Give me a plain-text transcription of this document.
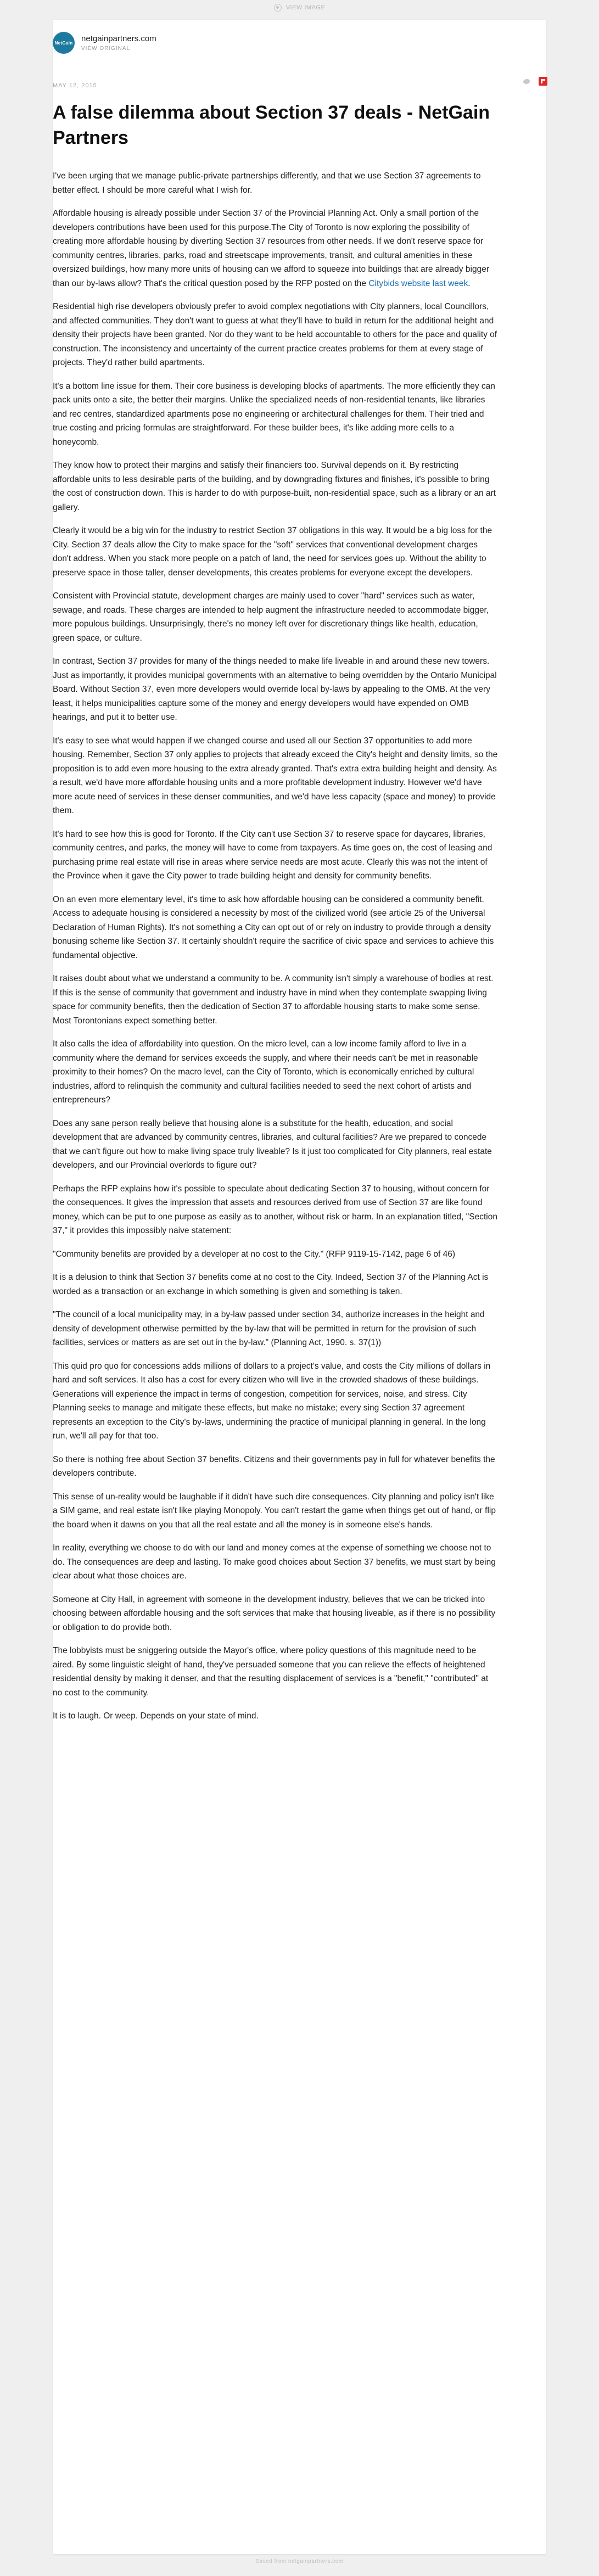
VIEW IMAGE
NetGain netgainpartners.com
VIEW ORIGINAL
MAY 12, 2015
A false dilemma about Section 37 deals - NetGain Partners

I've been urging that we manage public-private partnerships differently, and that we use Section 37 agreements to better effect. I should be more careful what I wish for.

Affordable housing is already possible under Section 37 of the Provincial Planning Act. Only a small portion of the developers contributions have been used for this purpose.The City of Toronto is now exploring the possibility of creating more affordable housing by diverting Section 37 resources from other needs. If we don't reserve space for community centres, libraries, parks, road and streetscape improvements, transit, and cultural amenities in these oversized buildings, how many more units of housing can we afford to squeeze into buildings that are already bigger than our by-laws allow? That's the critical question posed by the RFP posted on the Citybids website last week.

Residential high rise developers obviously prefer to avoid complex negotiations with City planners, local Councillors, and affected communities. They don't want to guess at what they'll have to build in return for the additional height and density their projects have been granted. Nor do they want to be held accountable to others for the pace and quality of construction. The inconsistency and uncertainty of the current practice creates problems for them at every stage of projects. They'd rather build apartments.

It's a bottom line issue for them. Their core business is developing blocks of apartments. The more efficiently they can pack units onto a site, the better their margins. Unlike the specialized needs of non-residential tenants, like libraries and rec centres, standardized apartments pose no engineering or architectural challenges for them. Their tried and true costing and pricing formulas are straightforward. For these builder bees, it's like adding more cells to a honeycomb.

They know how to protect their margins and satisfy their financiers too. Survival depends on it. By restricting affordable units to less desirable parts of the building, and by downgrading fixtures and finishes, it's possible to bring the cost of construction down. This is harder to do with purpose-built, non-residential space, such as a library or an art gallery.

Clearly it would be a big win for the industry to restrict Section 37 obligations in this way. It would be a big loss for the City. Section 37 deals allow the City to make space for the "soft" services that conventional development charges don't address. When you stack more people on a patch of land, the need for services goes up. Without the ability to preserve space in those taller, denser developments, this creates problems for everyone except the developers.

Consistent with Provincial statute, development charges are mainly used to cover "hard" services such as water, sewage, and roads. These charges are intended to help augment the infrastructure needed to accommodate bigger, more populous buildings. Unsurprisingly, there's no money left over for discretionary things like health, education, green space, or culture.

In contrast, Section 37 provides for many of the things needed to make life liveable in and around these new towers. Just as importantly, it provides municipal governments with an alternative to being overridden by the Ontario Municipal Board. Without Section 37, even more developers would override local by-laws by appealing to the OMB. At the very least, it helps municipalities capture some of the money and energy developers would have expended on OMB hearings, and put it to better use.

It's easy to see what would happen if we changed course and used all our Section 37 opportunities to add more housing. Remember, Section 37 only applies to projects that already exceed the City's height and density limits, so the proposition is to add even more housing to the extra already granted. That's extra extra building height and density. As a result, we'd have more affordable housing units and a more profitable development industry. However we'd have more acute need of services in these denser communities, and we'd have less capacity (space and money) to provide them.

It's hard to see how this is good for Toronto. If the City can't use Section 37 to reserve space for daycares, libraries, community centres, and parks, the money will have to come from taxpayers. As time goes on, the cost of leasing and purchasing prime real estate will rise in areas where service needs are most acute. Clearly this was not the intent of the Province when it gave the City power to trade building height and density for community benefits.

On an even more elementary level, it's time to ask how affordable housing can be considered a community benefit. Access to adequate housing is considered a necessity by most of the civilized world (see article 25 of the Universal Declaration of Human Rights). It's not something a City can opt out of or rely on industry to provide through a density bonusing scheme like Section 37. It certainly shouldn't require the sacrifice of civic space and services to achieve this fundamental objective.

It raises doubt about what we understand a community to be. A community isn't simply a warehouse of bodies at rest. If this is the sense of community that government and industry have in mind when they contemplate swapping living space for community benefits, then the dedication of Section 37 to affordable housing starts to make some sense. Most Torontonians expect something better.

It also calls the idea of affordability into question. On the micro level, can a low income family afford to live in a community where the demand for services exceeds the supply, and where their needs can't be met in reasonable proximity to their homes? On the macro level, can the City of Toronto, which is economically enriched by cultural industries, afford to relinquish the community and cultural facilities needed to seed the next cohort of artists and entrepreneurs?

Does any sane person really believe that housing alone is a substitute for the health, education, and social development that are advanced by community centres, libraries, and cultural facilities? Are we prepared to concede that we can't figure out how to make living space truly liveable? Is it just too complicated for City planners, real estate developers, and our Provincial overlords to figure out?

Perhaps the RFP explains how it's possible to speculate about dedicating Section 37 to housing, without concern for the consequences. It gives the impression that assets and resources derived from use of Section 37 are like found money, which can be put to one purpose as easily as to another, without risk or harm. In an explanation titled, "Section 37," it provides this impossibly naive statement:

"Community benefits are provided by a developer at no cost to the City." (RFP 9119-15-7142, page 6 of 46)

It is a delusion to think that Section 37 benefits come at no cost to the City. Indeed, Section 37 of the Planning Act is worded as a transaction or an exchange in which something is given and something is taken.

"The council of a local municipality may, in a by-law passed under section 34, authorize increases in the height and density of development otherwise permitted by the by-law that will be permitted in return for the provision of such facilities, services or matters as are set out in the by-law." (Planning Act, 1990. s. 37(1))

This quid pro quo for concessions adds millions of dollars to a project's value, and costs the City millions of dollars in hard and soft services. It also has a cost for every citizen who will live in the crowded shadows of these buildings. Generations will experience the impact in terms of congestion, competition for services, noise, and stress. City Planning seeks to manage and mitigate these effects, but make no mistake; every sing Section 37 agreement represents an exception to the City's by-laws, undermining the practice of municipal planning in general. In the long run, we'll all pay for that too.

So there is nothing free about Section 37 benefits. Citizens and their governments pay in full for whatever benefits the developers contribute.

This sense of un-reality would be laughable if it didn't have such dire consequences. City planning and policy isn't like a SIM game, and real estate isn't like playing Monopoly. You can't restart the game when things get out of hand, or flip the board when it dawns on you that all the real estate and all the money is in someone else's hands.

In reality, everything we choose to do with our land and money comes at the expense of something we choose not to do. The consequences are deep and lasting. To make good choices about Section 37 benefits, we must start by being clear about what those choices are.

Someone at City Hall, in agreement with someone in the development industry, believes that we can be tricked into choosing between affordable housing and the soft services that make that housing liveable, as if there is no possibility or obligation to do provide both.

The lobbyists must be sniggering outside the Mayor's office, where policy questions of this magnitude need to be aired. By some linguistic sleight of hand, they've persuaded someone that you can relieve the effects of heightened residential density by making it denser, and that the resulting displacement of services is a "benefit," "contributed" at no cost to the community.

It is to laugh. Or weep. Depends on your state of mind.

Saved from netgainpartners.com
